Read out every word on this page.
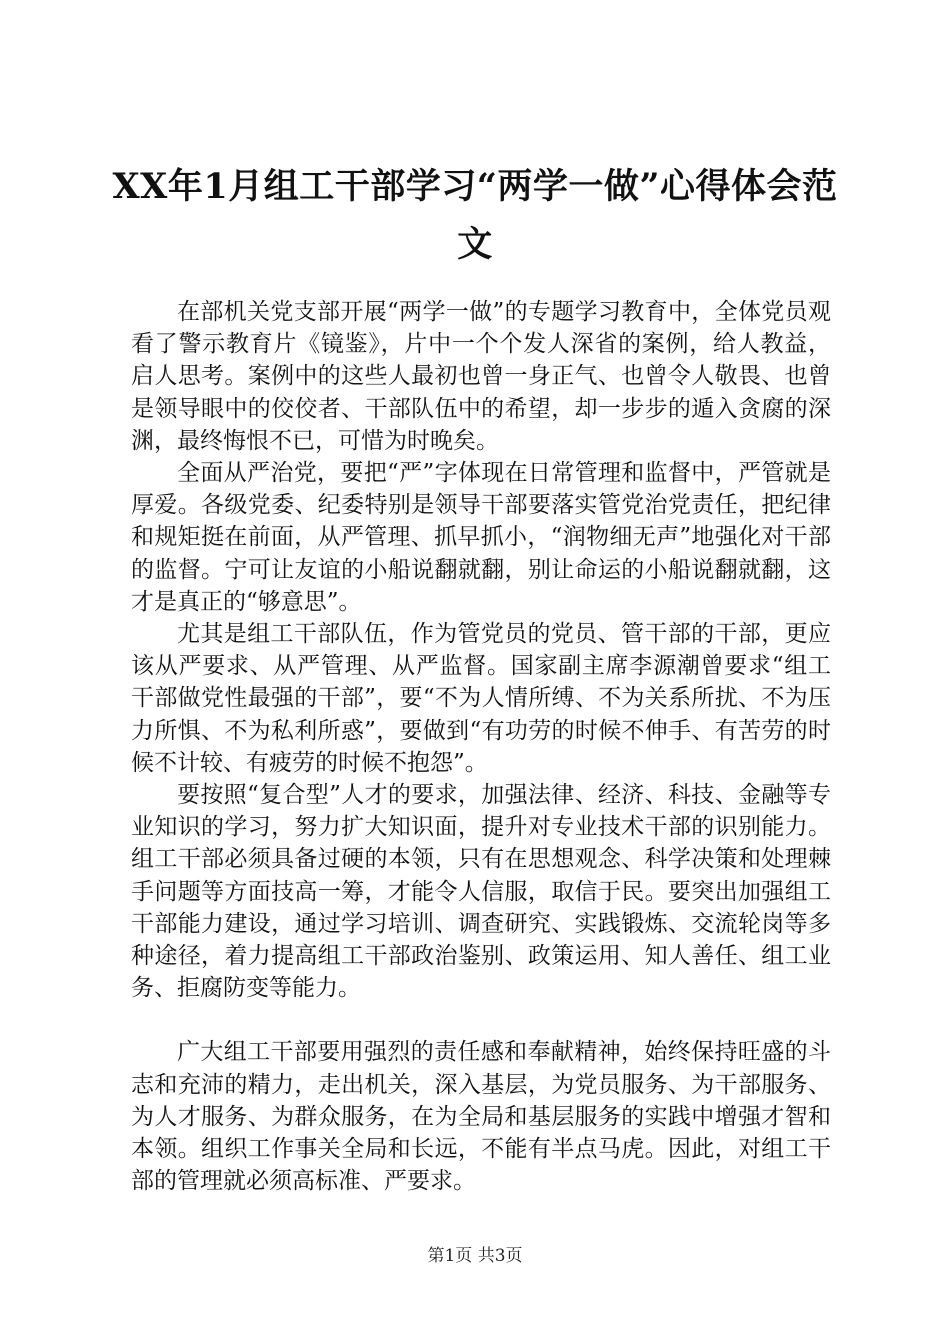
XX年1月组工干部学习“两学一做”心得体会范文

在部机关党支部开展“两学一做”的专题学习教育中，全体党员观看了警示教育片《镜鉴》，片中一个个发人深省的案例，给人教益，启人思考。案例中的这些人最初也曾一身正气、也曾令人敬畏、也曾是领导眼中的佼佼者、干部队伍中的希望，却一步步的遁入贪腐的深渊，最终悔恨不已，可惜为时晚矣。

全面从严治党，要把“严”字体现在日常管理和监督中，严管就是厚爱。各级党委、纪委特别是领导干部要落实管党治党责任，把纪律和规矩挺在前面，从严管理、抓早抓小，“润物细无声”地强化对干部的监督。宁可让友谊的小船说翻就翻，别让命运的小船说翻就翻，这才是真正的“够意思”。

尤其是组工干部队伍，作为管党员的党员、管干部的干部，更应该从严要求、从严管理、从严监督。国家副主席李源潮曾要求“组工干部做党性最强的干部”，要“不为人情所缚、不为关系所扰、不为压力所惧、不为私利所惑”，要做到“有功劳的时候不伸手、有苦劳的时候不计较、有疲劳的时候不抱怨”。

要按照“复合型”人才的要求，加强法律、经济、科技、金融等专业知识的学习，努力扩大知识面，提升对专业技术干部的识别能力。组工干部必须具备过硬的本领，只有在思想观念、科学决策和处理棘手问题等方面技高一筹，才能令人信服，取信于民。要突出加强组工干部能力建设，通过学习培训、调查研究、实践锻炼、交流轮岗等多种途径，着力提高组工干部政治鉴别、政策运用、知人善任、组工业务、拒腐防变等能力。

广大组工干部要用强烈的责任感和奉献精神，始终保持旺盛的斗志和充沛的精力，走出机关，深入基层，为党员服务、为干部服务、为人才服务、为群众服务，在为全局和基层服务的实践中增强才智和本领。组织工作事关全局和长远，不能有半点马虎。因此，对组工干部的管理就必须高标准、严要求。

第1页 共3页
